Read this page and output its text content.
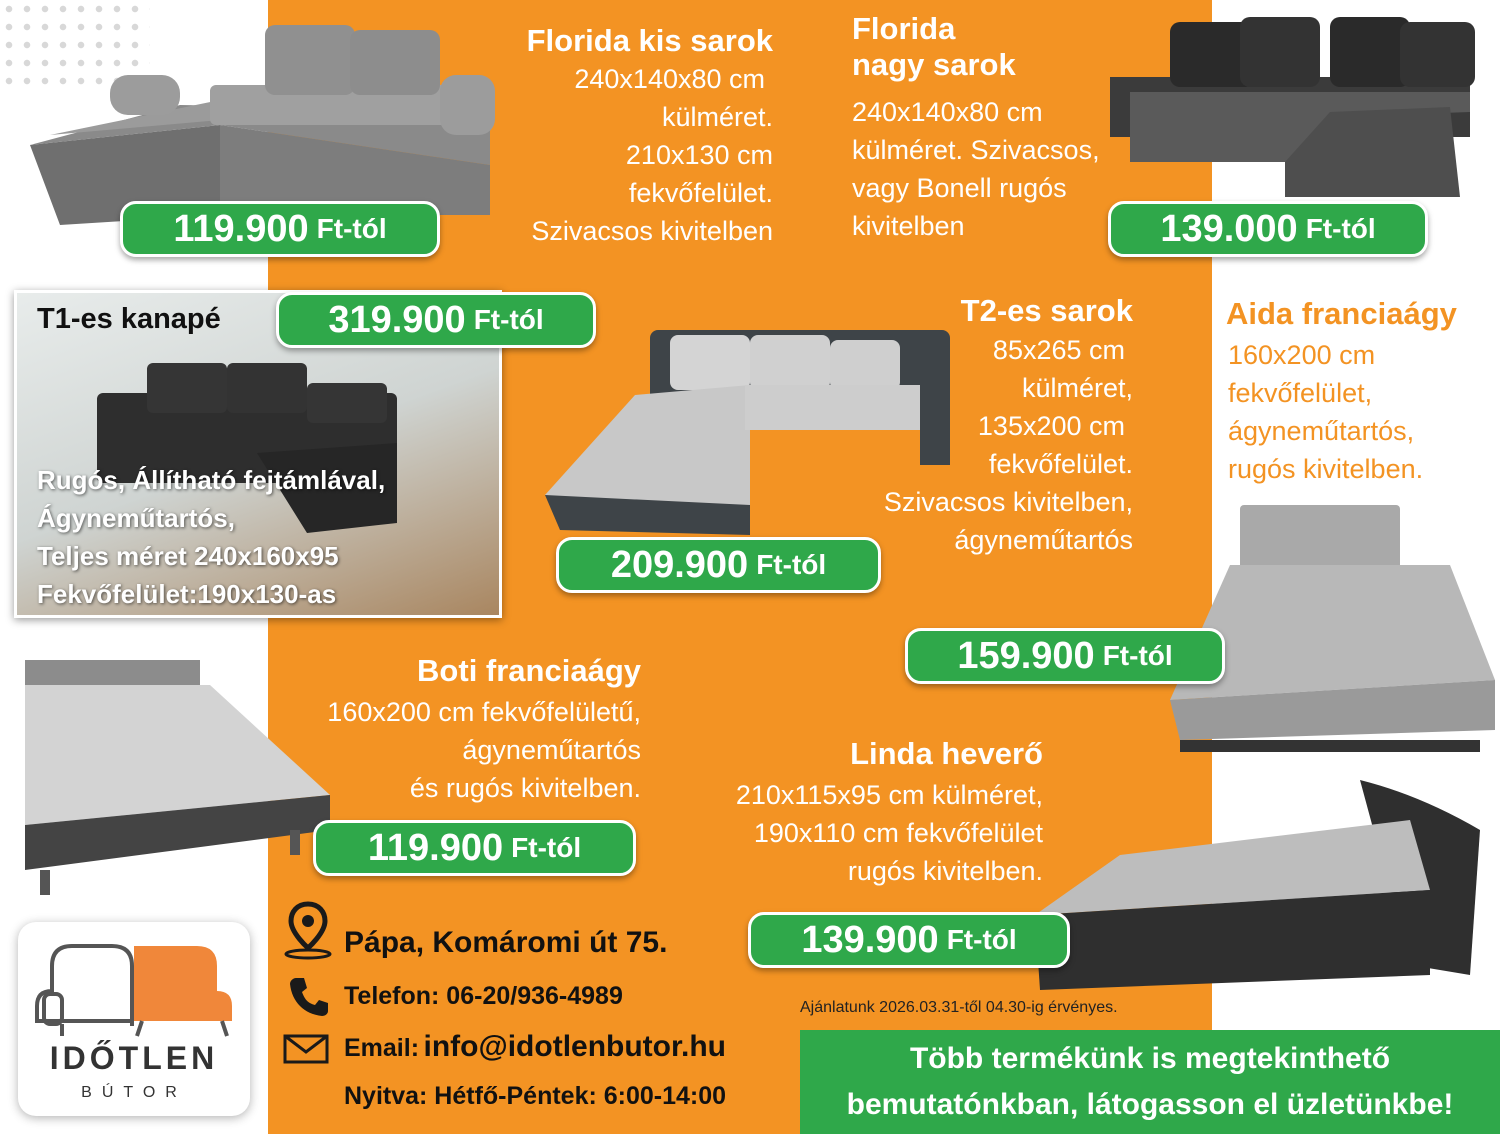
119.900 Ft-tól
Florida kis sarok
240x140x80 cm
külméret.
210x130 cm
fekvőfelület.
Szivacsos kivitelben
Florida
nagy sarok
240x140x80 cm
külméret. Szivacsos,
vagy Bonell rugós
kivitelben	139.000 Ft-tól
T1-es kanapé
Rugós, Állítható fejtámlával,
Ágyneműtartós,
Teljes méret 240x160x95
Fekvőfelület:190x130-as
319.900 Ft-tól
209.900 Ft-tól
T2-es sarok
85x265 cm
külméret,
135x200 cm
fekvőfelület.
Szivacsos kivitelben,
ágyneműtartós
Aida franciaágy
160x200 cm
fekvőfelület,
ágyneműtartós,
rugós kivitelben.
159.900 Ft-tól
Boti franciaágy
160x200 cm fekvőfelületű,
ágyneműtartós
és rugós kivitelben.
119.900 Ft-tól
Linda heverő
210x115x95 cm külméret,
190x110 cm fekvőfelület
rugós kivitelben.
139.900 Ft-tól
Pápa, Komáromi út 75.
Telefon: 06-20/936-4989
Email: info@idotlenbutor.hu
Nyitva: Hétfő-Péntek: 6:00-14:00
IDŐTLEN
BÚTOR
Ajánlatunk 2026.03.31-től 04.30-ig érvényes.
Több termékünk is megtekinthető
bemutatónkban, látogasson el üzletünkbe!
